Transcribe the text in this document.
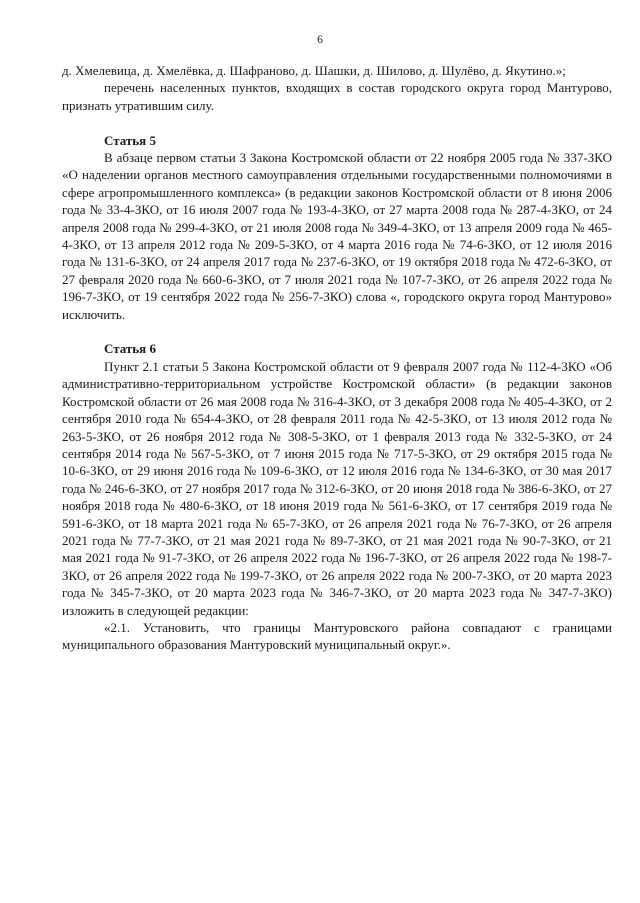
6

д. Хмелевица, д. Хмелёвка, д. Шафраново, д. Шашки, д. Шилово, д. Шулёво, д. Якутино.»;

перечень населенных пунктов, входящих в состав городского округа город Мантурово, признать утратившим силу.

Статья 5

В абзаце первом статьи 3 Закона Костромской области от 22 ноября 2005 года № 337-ЗКО «О наделении органов местного самоуправления отдельными государственными полномочиями в сфере агропромышленного комплекса» (в редакции законов Костромской области от 8 июня 2006 года № 33-4-ЗКО, от 16 июля 2007 года № 193-4-ЗКО, от 27 марта 2008 года № 287-4-ЗКО, от 24 апреля 2008 года № 299-4-ЗКО, от 21 июля 2008 года № 349-4-ЗКО, от 13 апреля 2009 года № 465-4-ЗКО, от 13 апреля 2012 года № 209-5-ЗКО, от 4 марта 2016 года № 74-6-ЗКО, от 12 июля 2016 года № 131-6-ЗКО, от 24 апреля 2017 года № 237-6-ЗКО, от 19 октября 2018 года № 472-6-ЗКО, от 27 февраля 2020 года № 660-6-ЗКО, от 7 июля 2021 года № 107-7-ЗКО, от 26 апреля 2022 года № 196-7-ЗКО, от 19 сентября 2022 года № 256-7-ЗКО) слова «, городского округа город Мантурово» исключить.

Статья 6

Пункт 2.1 статьи 5 Закона Костромской области от 9 февраля 2007 года № 112-4-ЗКО «Об административно-территориальном устройстве Костромской области» (в редакции законов Костромской области от 26 мая 2008 года № 316-4-ЗКО, от 3 декабря 2008 года № 405-4-ЗКО, от 2 сентября 2010 года № 654-4-ЗКО, от 28 февраля 2011 года № 42-5-ЗКО, от 13 июля 2012 года № 263-5-ЗКО, от 26 ноября 2012 года № 308-5-ЗКО, от 1 февраля 2013 года № 332-5-ЗКО, от 24 сентября 2014 года № 567-5-ЗКО, от 7 июня 2015 года № 717-5-ЗКО, от 29 октября 2015 года № 10-6-ЗКО, от 29 июня 2016 года № 109-6-ЗКО, от 12 июля 2016 года № 134-6-ЗКО, от 30 мая 2017 года № 246-6-ЗКО, от 27 ноября 2017 года № 312-6-ЗКО, от 20 июня 2018 года № 386-6-ЗКО, от 27 ноября 2018 года № 480-6-ЗКО, от 18 июня 2019 года № 561-6-ЗКО, от 17 сентября 2019 года № 591-6-ЗКО, от 18 марта 2021 года № 65-7-ЗКО, от 26 апреля 2021 года № 76-7-ЗКО, от 26 апреля 2021 года № 77-7-ЗКО, от 21 мая 2021 года № 89-7-ЗКО, от 21 мая 2021 года № 90-7-ЗКО, от 21 мая 2021 года № 91-7-ЗКО, от 26 апреля 2022 года № 196-7-ЗКО, от 26 апреля 2022 года № 198-7-ЗКО, от 26 апреля 2022 года № 199-7-ЗКО, от 26 апреля 2022 года № 200-7-ЗКО, от 20 марта 2023 года № 345-7-ЗКО, от 20 марта 2023 года № 346-7-ЗКО, от 20 марта 2023 года № 347-7-ЗКО) изложить в следующей редакции:

«2.1. Установить, что границы Мантуровского района совпадают с границами муниципального образования Мантуровский муниципальный округ.».
